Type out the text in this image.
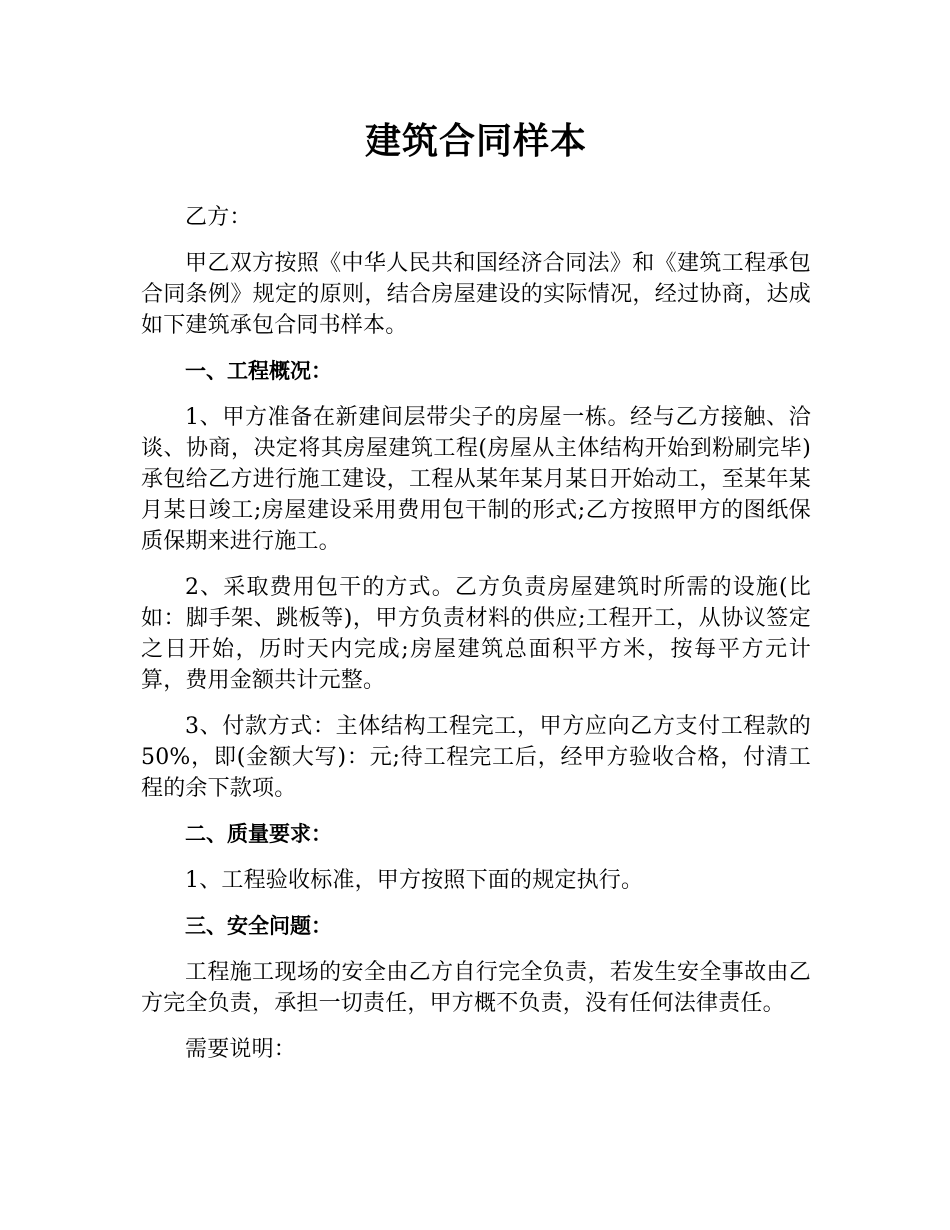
建筑合同样本

乙方：

甲乙双方按照《中华人民共和国经济合同法》和《建筑工程承包合同条例》规定的原则，结合房屋建设的实际情况，经过协商，达成如下建筑承包合同书样本。

一、工程概况：

1、甲方准备在新建间层带尖子的房屋一栋。经与乙方接触、洽谈、协商，决定将其房屋建筑工程(房屋从主体结构开始到粉刷完毕)承包给乙方进行施工建设，工程从某年某月某日开始动工，至某年某月某日竣工;房屋建设采用费用包干制的形式;乙方按照甲方的图纸保质保期来进行施工。

2、采取费用包干的方式。乙方负责房屋建筑时所需的设施(比如：脚手架、跳板等)，甲方负责材料的供应;工程开工，从协议签定之日开始，历时天内完成;房屋建筑总面积平方米，按每平方元计算，费用金额共计元整。

3、付款方式：主体结构工程完工，甲方应向乙方支付工程款的 50%，即(金额大写)：元;待工程完工后，经甲方验收合格，付清工程的余下款项。

二、质量要求：

1、工程验收标准，甲方按照下面的规定执行。

三、安全问题：

工程施工现场的安全由乙方自行完全负责，若发生安全事故由乙方完全负责，承担一切责任，甲方概不负责，没有任何法律责任。

需要说明：
